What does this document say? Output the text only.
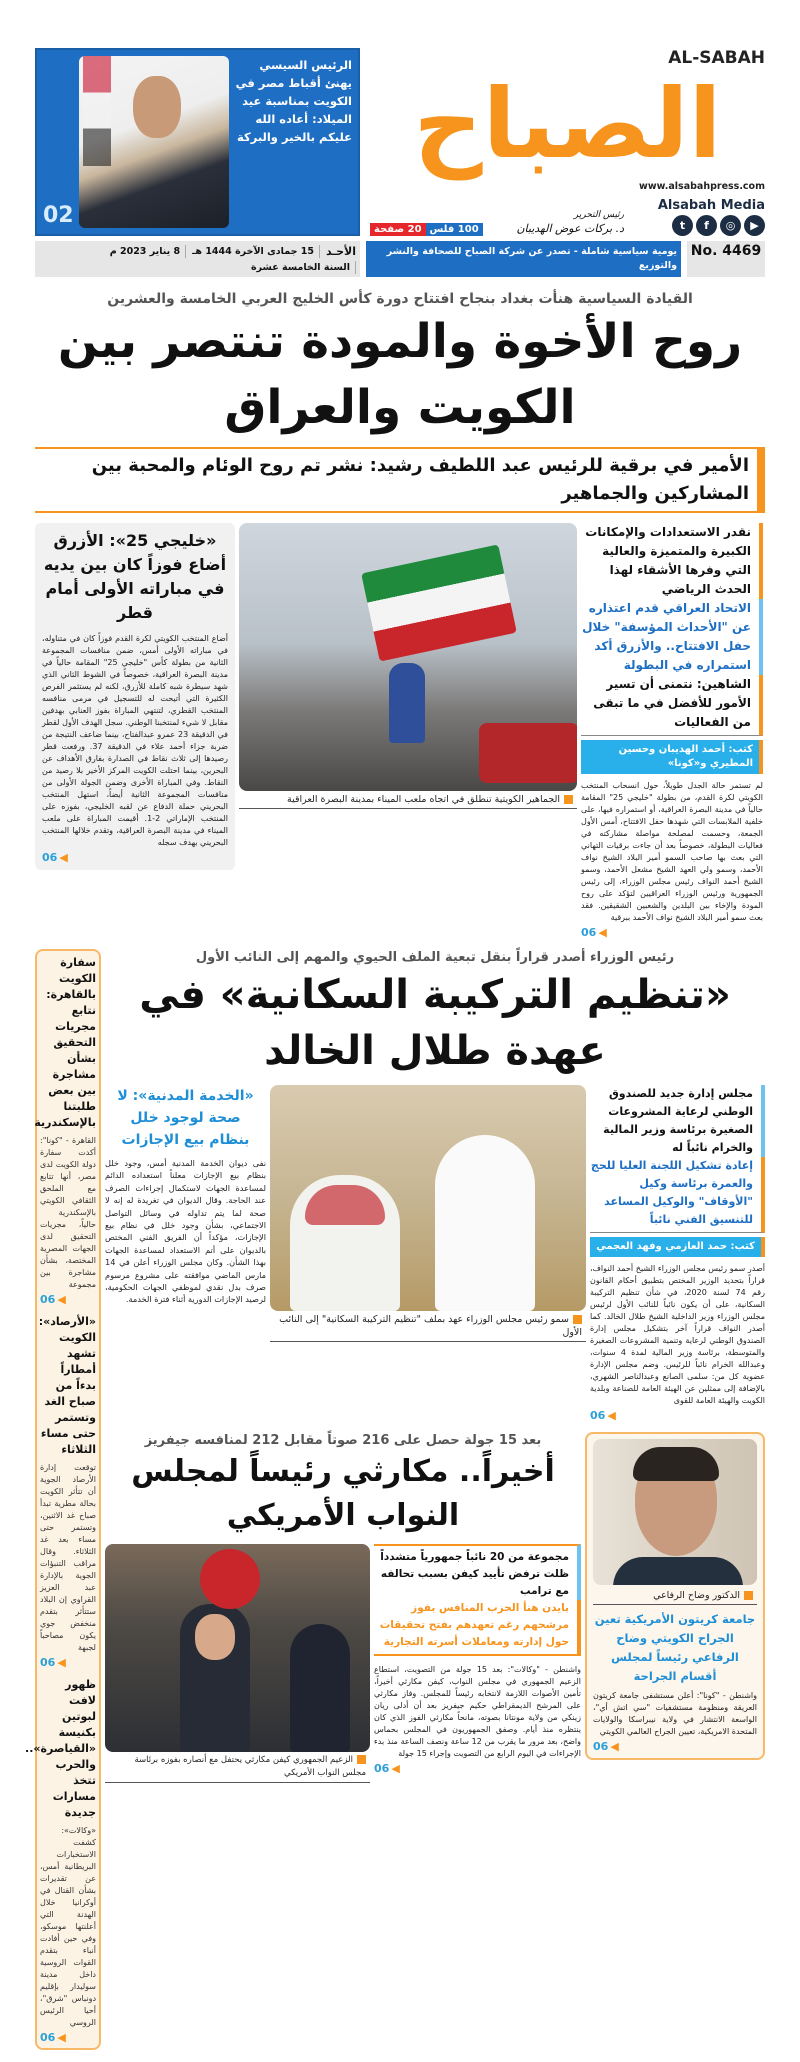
02
الرئيس السيسي يهنئ أقباط مصر في الكويت بمناسبة عيد الميلاد: أعاده الله عليكم بالخير والبركة
AL-SABAH
الصباح
www.alsabahpress.com
100 فلس
20 صفحة
رئيس التحرير
د. بركات عوض الهديبان
Alsabah Media
t f ◎ ▶
الأحـد
15 جمادى الآخرة 1444 هـ
8 يناير 2023 م
السنة الخامسة عشرة
يومية سياسية شاملة - تصدر عن شركة الصباح للصحافة والنشر والتوزيع
No. 4469
القيادة السياسية هنأت بغداد بنجاح افتتاح دورة كأس الخليج العربي الخامسة والعشرين
روح الأخوة والمودة تنتصر بين الكويت والعراق
الأمير في برقية للرئيس عبد اللطيف رشيد: نشر تم روح الوئام والمحبة بين المشاركين والجماهير
«خليجي 25»: الأزرق أضاع فوزاً كان بين يديه في مباراته الأولى أمام قطر
أضاع المنتخب الكويتي لكرة القدم فوزاً كان في متناوله، في مباراته الأولى أمس، ضمن منافسات المجموعة الثانية من بطولة كأس "خليجي 25" المقامة حالياً في مدينة البصرة العراقية، خصوصاً في الشوط الثاني الذي شهد سيطرة شبه كاملة للأزرق، لكنه لم يستثمر الفرص الكثيرة التي أتيحت له للتسجيل في مرمى منافسه المنتخب القطري، لتنتهي المباراة بفوز العنابي بهدفين مقابل لا شيء لمنتخبنا الوطني. سجل الهدف الأول لقطر في الدقيقة 23 عمرو عبدالفتاح، بينما ضاعف النتيجة من ضربة جزاء أحمد علاء في الدقيقة 37. ورفعت قطر رصيدها إلى ثلاث نقاط في الصدارة بفارق الأهداف عن البحرين، بينما احتلت الكويت المركز الأخير بلا رصيد من النقاط. وفي المباراة الأخرى وضمن الجولة الأولى من منافسات المجموعة الثانية أيضاً، استهل المنتخب البحريني حملة الدفاع عن لقبه الخليجي، بفوزه على المنتخب الإماراتي 2-1. أقيمت المباراة على ملعب الميناء في مدينة البصرة العراقية، وتقدم خلالها المنتخب البحريني بهدف سجله
06 ◀
الجماهير الكويتية تنطلق في اتجاه ملعب الميناء بمدينة البصرة العراقية
نقدر الاستعدادات والإمكانات الكبيرة والمتميزة والعالية التي وفرها الأشقاء لهذا الحدث الرياضي
الاتحاد العراقي قدم اعتذاره عن "الأحداث المؤسفة" خلال حفل الافتتاح.. والأزرق أكد استمراره في البطولة
الشاهين: نتمنى أن تسير الأمور للأفضل في ما تبقى من الفعاليات
كتب: أحمد الهديبان وحسين المطيري و«كونا»
لم تستمر حالة الجدل طويلاً، حول انسحاب المنتخب الكويتي لكرة القدم، من بطولة "خليجي 25" المقامة حالياً في مدينة البصرة العراقية، أو استمراره فيها، على خلفية الملابسات التي شهدها حفل الافتتاح، أمس الأول الجمعة، وحسمت لمصلحة مواصلة مشاركته في فعاليات البطولة، خصوصاً بعد أن جاءت برقيات التهاني التي بعث بها صاحب السمو أمير البلاد الشيخ نواف الأحمد، وسمو ولي العهد الشيخ مشعل الأحمد، وسمو الشيخ أحمد النواف رئيس مجلس الوزراء، إلى رئيس الجمهورية ورئيس الوزراء العراقيين لتؤكد على روح المودة والإخاء بين البلدين والشعبين الشقيقين. فقد بعث سمو أمير البلاد الشيخ نواف الأحمد ببرقية
06 ◀
سفارة الكويت بالقاهرة: نتابع مجريات التحقيق بشأن مشاجرة بين بعض طلبتنا بالإسكندرية
القاهرة - "كونا": أكدت سفارة دولة الكويت لدى مصر، أنها تتابع مع الملحق الثقافي الكويتي بالإسكندرية حالياً، مجريات التحقيق لدى الجهات المصرية المختصة، بشأن مشاجرة بين مجموعة
06 ◀
«الأرصاد»: الكويت تشهد أمطاراً بدءاً من صباح الغد وتستمر حتى مساء الثلاثاء
توقعت إدارة الأرصاد الجوية أن تتأثر الكويت بحالة مطرية تبدأ صباح غد الاثنين، وتستمر حتى مساء بعد غد الثلاثاء. وقال مراقب التنبؤات الجوية بالإدارة عبد العزيز القراوي إن البلاد ستتأثر بتقدم منخفض جوي يكون مصاحباً لجبهة
06 ◀
ظهور لافت لبوتين بكنيسة «القياصرة».. والحرب تتخذ مسارات جديدة
«وكالات»: كشفت الاستخبارات البريطانية أمس، عن تقديرات بشأن القتال في أوكرانيا خلال الهدنة التي أعلنتها موسكو، وفي حين أفادت أنباء بتقدم القوات الروسية داخل مدينة سوليدار بإقليم دونباس "شرق"، أحيا الرئيس الروسي
06 ◀
رئيس الوزراء أصدر قراراً بنقل تبعية الملف الحيوي والمهم إلى النائب الأول
«تنظيم التركيبة السكانية» في عهدة طلال الخالد
«الخدمة المدنية»: لا صحة لوجود خلل بنظام بيع الإجازات
نفى ديوان الخدمة المدنية أمس، وجود خلل بنظام بيع الإجازات معلناً استعداده الدائم لمساعدة الجهات لاستكمال إجراءات الصرف عند الحاجة. وقال الديوان في تغريدة له إنه لا صحة لما يتم تداوله في وسائل التواصل الاجتماعي، بشأن وجود خلل في نظام بيع الإجازات، مؤكداً أن الفريق الفني المختص بالديوان على أتم الاستعداد لمساعدة الجهات بهذا الشأن. وكان مجلس الوزراء أعلن في 14 مارس الماضي موافقته على مشروع مرسوم صرف بدل نقدي لموظفي الجهات الحكومية، لرصيد الإجازات الدورية أثناء فترة الخدمة.
سمو رئيس مجلس الوزراء عهد بملف "تنظيم التركيبة السكانية" إلى النائب الأول
مجلس إدارة جديد للصندوق الوطني لرعاية المشروعات الصغيرة برئاسة وزير المالية والخرام نائباً له
إعادة تشكيل اللجنة العليا للحج والعمرة برئاسة وكيل "الأوقاف" والوكيل المساعد للتنسيق الفني نائباً
كتب: حمد العازمي وفهد العجمي
أصدر سمو رئيس مجلس الوزراء الشيخ أحمد النواف، قراراً بتحديد الوزير المختص بتطبيق أحكام القانون رقم 74 لسنة 2020، في شأن تنظيم التركيبة السكانية، على أن يكون نائباً للنائب الأول لرئيس مجلس الوزراء وزير الداخلية الشيخ طلال الخالد. كما أصدر النواف قراراً آخر بتشكيل مجلس إدارة الصندوق الوطني لرعاية وتنمية المشروعات الصغيرة والمتوسطة، برئاسة وزير المالية لمدة 4 سنوات، وعبدالله الخرام نائباً للرئيس. وضم مجلس الإدارة عضوية كل من: سلمى الصانع وعبدالناصر الشهري، بالإضافة إلى ممثلين عن الهيئة العامة للصناعة وبلدية الكويت والهيئة العامة للقوى
06 ◀
بعد 15 جولة حصل على 216 صوتاً مقابل 212 لمنافسه جيفريز
أخيراً.. مكارثي رئيساً لمجلس النواب الأمريكي
الزعيم الجمهوري كيفن مكارثي يحتفل مع أنصاره بفوزه برئاسة مجلس النواب الأمريكي
مجموعة من 20 نائباً جمهورياً متشدداً ظلت ترفض تأييد كيفن بسبب تحالفه مع ترامب
بايدن هنأ الحزب المنافس بفوز مرشحهم رغم تعهدهم بفتح تحقيقات حول إدارته ومعاملات أسرته التجارية
واشنطن - "وكالات": بعد 15 جولة من التصويت، استطاع الزعيم الجمهوري في مجلس النواب، كيفن مكارثي أخيراً، تأمين الأصوات اللازمة لانتخابه رئيساً للمجلس. وفاز مكارثي على المرشح الديمقراطي حكيم جيفريز بعد أن أدلى ريان زينكي من ولاية مونتانا بصوته، مانحاً مكارثي الفوز الذي كان ينتظره منذ أيام. وصفق الجمهوريون في المجلس بحماس واضح، بعد مرور ما يقرب من 12 ساعة ونصف الساعة منذ بدء الإجراءات في اليوم الرابع من التصويت وإجراء 15 جولة
06 ◀
الدكتور وضاح الرفاعي
جامعة كريتون الأمريكية تعين الجراح الكويتي وضاح الرفاعي رئيساً لمجلس أقسام الجراحة
واشنطن - "كونا": أعلن مستشفى جامعة كريتون العريقة ومنظومة مستشفيات "سي اتش أي"، الواسعة الانتشار في ولاية نيبراسكا والولايات المتحدة الامريكية، تعيين الجراح العالمي الكويتي
06 ◀
